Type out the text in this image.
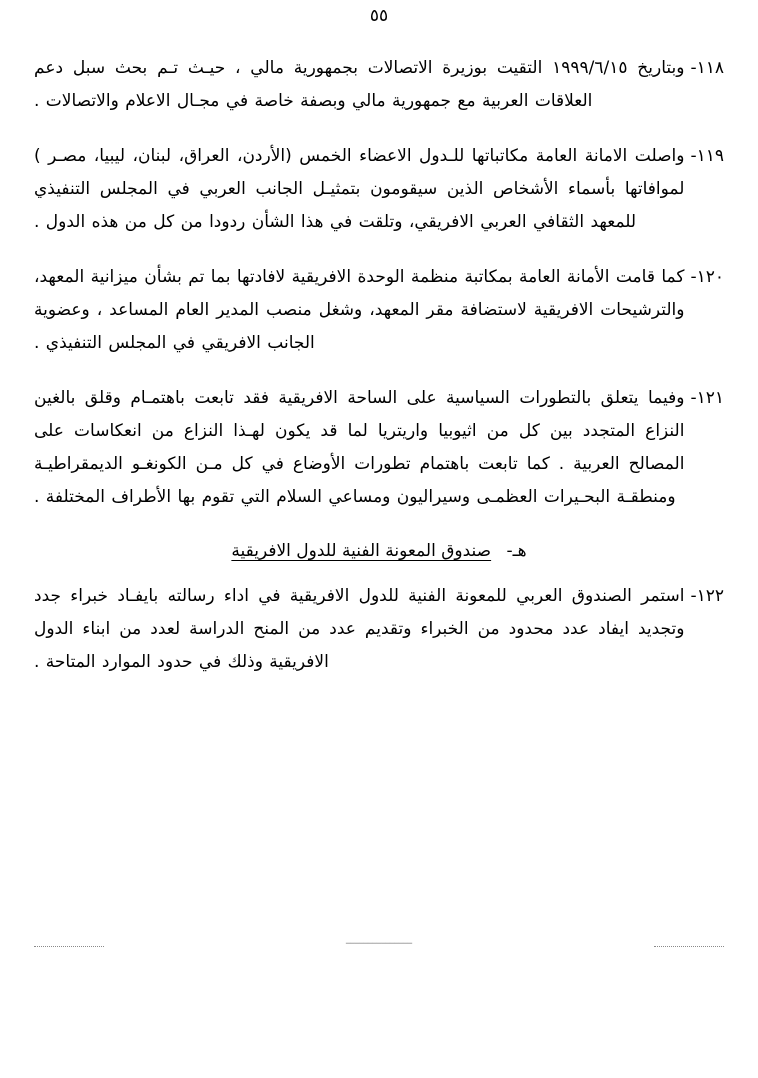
٥٥
١١٨-
وبتاريخ ١٩٩٩/٦/١٥ التقيت بوزيرة الاتصالات بجمهورية مالي ، حيـث تـم بحث سبل دعم العلاقات العربية مع جمهورية مالي وبصفة خاصة في مجـال الاعلام والاتصالات .
١١٩-
واصلت الامانة العامة مكاتباتها للـدول الاعضاء الخمس (الأردن، العراق، لبنان، ليبيا، مصـر ) لموافاتها بأسماء الأشخاص الذين سيقومون بتمثيـل الجانب العربي في المجلس التنفيذي للمعهد الثقافي العربي الافريقي، وتلقت في هذا الشأن ردودا من كل من هذه الدول .
١٢٠-
كما قامت الأمانة العامة بمكاتبة منظمة الوحدة الافريقية لافادتها بما تم بشأن ميزانية المعهد، والترشيحات الافريقية لاستضافة مقر المعهد، وشغل منصب المدير العام المساعد ، وعضوية الجانب الافريقي في المجلس التنفيذي .
١٢١-
وفيما يتعلق بالتطورات السياسية على الساحة الافريقية فقد تابعت باهتمـام وقلق بالغين النزاع المتجدد بين كل من اثيوبيا واريتريا لما قد يكون لهـذا النزاع من انعكاسات على المصالح العربية . كما تابعت باهتمام تطورات الأوضاع في كل مـن الكونغـو الديمقراطيـة ومنطقـة البحـيرات العظمـى وسيراليون ومساعي السلام التي تقوم بها الأطراف المختلفة .
هـ- صندوق المعونة الفنية للدول الافريقية
١٢٢-
استمر الصندوق العربي للمعونة الفنية للدول الافريقية في اداء رسالته بايفـاد خبراء جدد وتجديد ايفاد عدد محدود من الخبراء وتقديم عدد من المنح الدراسة لعدد من ابناء الدول الافريقية وذلك في حدود الموارد المتاحة .
ـــــــــــــــ
